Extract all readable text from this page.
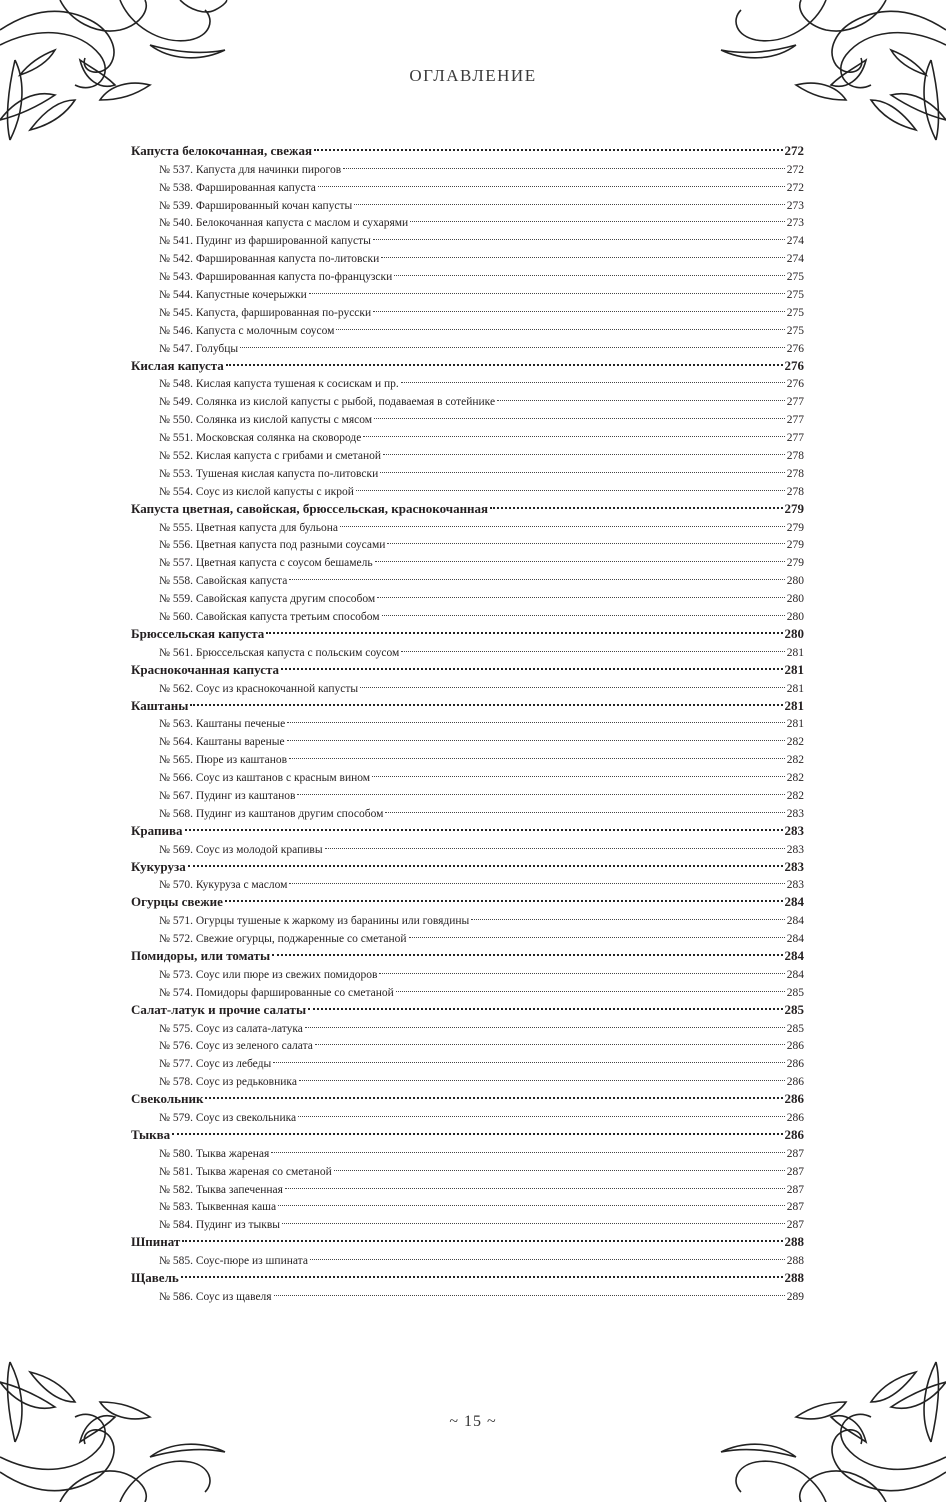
ОГЛАВЛЕНИЕ
Капуста белокочанная, свежая	272
№ 537. Капуста для начинки пирогов	272
№ 538. Фаршированная капуста	272
№ 539. Фаршированный кочан капусты	273
№ 540. Белокочанная капуста с маслом и сухарями	273
№ 541. Пудинг из фаршированной капусты	274
№ 542. Фаршированная капуста по-литовски	274
№ 543. Фаршированная капуста по-французски	275
№ 544. Капустные кочерыжки	275
№ 545. Капуста, фаршированная по-русски	275
№ 546. Капуста с молочным соусом	275
№ 547. Голубцы	276
Кислая капуста	276
№ 548. Кислая капуста тушеная к сосискам и пр.	276
№ 549. Солянка из кислой капусты с рыбой, подаваемая в сотейнике	277
№ 550. Солянка из кислой капусты с мясом	277
№ 551. Московская солянка на сковороде	277
№ 552. Кислая капуста с грибами и сметаной	278
№ 553. Тушеная кислая капуста по-литовски	278
№ 554. Соус из кислой капусты с икрой	278
Капуста цветная, савойская, брюссельская, краснокочанная	279
№ 555. Цветная капуста для бульона	279
№ 556. Цветная капуста под разными соусами	279
№ 557. Цветная капуста с соусом бешамель	279
№ 558. Савойская капуста	280
№ 559. Савойская капуста другим способом	280
№ 560. Савойская капуста третьим способом	280
Брюссельская капуста	280
№ 561. Брюссельская капуста с польским соусом	281
Краснокочанная капуста	281
№ 562. Соус из краснокочанной капусты	281
Каштаны	281
№ 563. Каштаны печеные	281
№ 564. Каштаны вареные	282
№ 565. Пюре из каштанов	282
№ 566. Соус из каштанов с красным вином	282
№ 567. Пудинг из каштанов	282
№ 568. Пудинг из каштанов другим способом	283
Крапива	283
№ 569. Соус из молодой крапивы	283
Кукуруза	283
№ 570. Кукуруза с маслом	283
Огурцы свежие	284
№ 571. Огурцы тушеные к жаркому из баранины или говядины	284
№ 572. Свежие огурцы, поджаренные со сметаной	284
Помидоры, или томаты	284
№ 573. Соус или пюре из свежих помидоров	284
№ 574. Помидоры фаршированные со сметаной	285
Салат-латук и прочие салаты	285
№ 575. Соус из салата-латука	285
№ 576. Соус из зеленого салата	286
№ 577. Соус из лебеды	286
№ 578. Соус из редьковника	286
Свекольник	286
№ 579. Соус из свекольника	286
Тыква	286
№ 580. Тыква жареная	287
№ 581. Тыква жареная со сметаной	287
№ 582. Тыква запеченная	287
№ 583. Тыквенная каша	287
№ 584. Пудинг из тыквы	287
Шпинат	288
№ 585. Соус-пюре из шпината	288
Щавель	288
№ 586. Соус из щавеля	289
~ 15 ~
